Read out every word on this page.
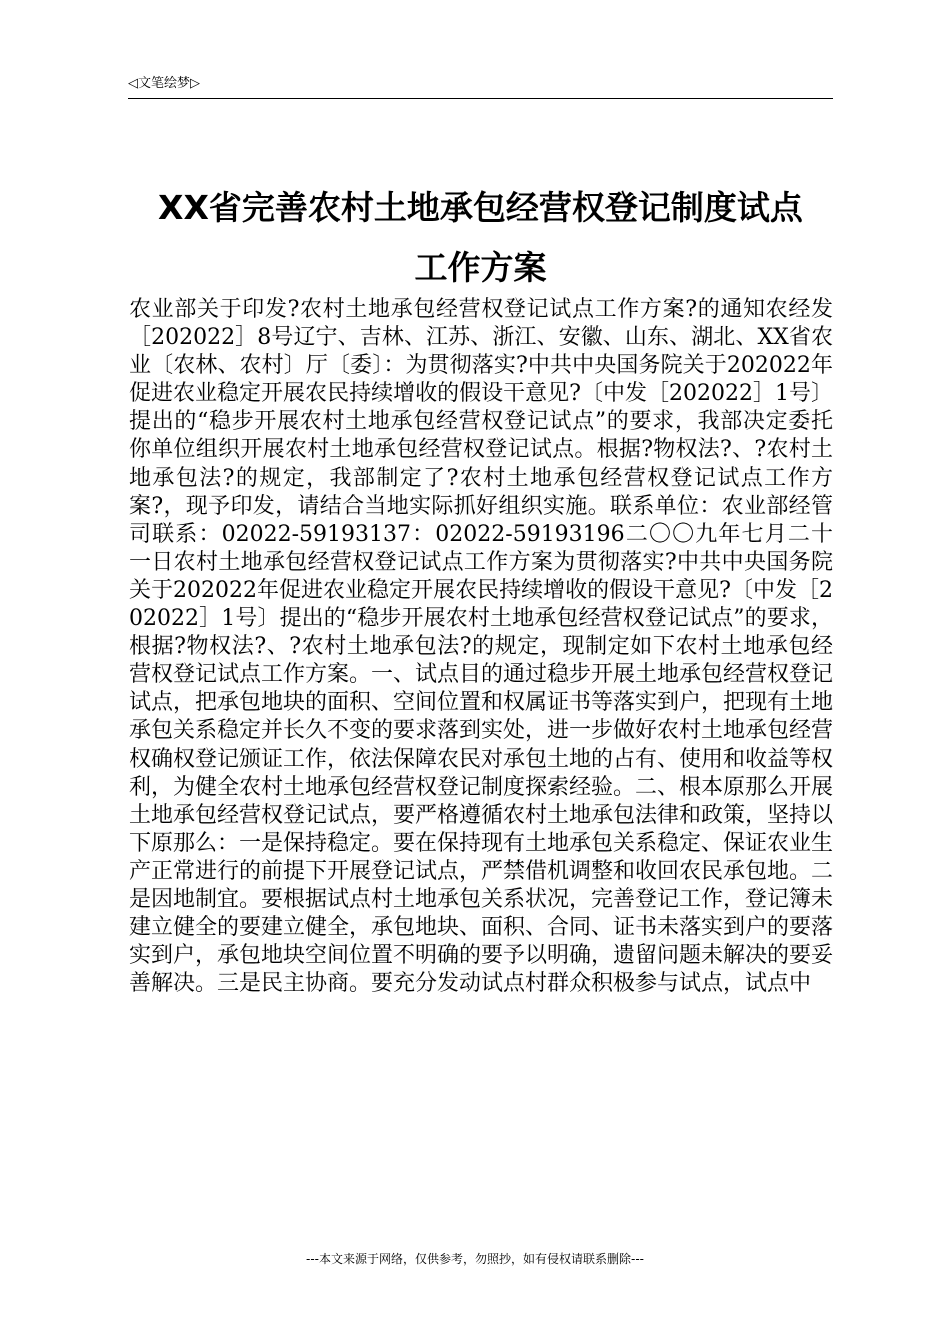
◁文笔绘梦▷
XX省完善农村土地承包经营权登记制度试点
工作方案

农业部关于印发?农村土地承包经营权登记试点工作方案?的通知农经发［202022］8号辽宁、吉林、江苏、浙江、安徽、山东、湖北、XX省农业〔农林、农村〕厅〔委〕：为贯彻落实?中共中央国务院关于202022年促进农业稳定开展农民持续增收的假设干意见?〔中发［202022］1号〕提出的“稳步开展农村土地承包经营权登记试点”的要求，我部决定委托你单位组织开展农村土地承包经营权登记试点。根据?物权法?、?农村土地承包法?的规定，我部制定了?农村土地承包经营权登记试点工作方案?，现予印发，请结合当地实际抓好组织实施。联系单位：农业部经管司联系：02022-59193137：02022-59193196二〇〇九年七月二十一日农村土地承包经营权登记试点工作方案为贯彻落实?中共中央国务院关于202022年促进农业稳定开展农民持续增收的假设干意见?〔中发［202022］1号〕提出的“稳步开展农村土地承包经营权登记试点”的要求，根据?物权法?、?农村土地承包法?的规定，现制定如下农村土地承包经营权登记试点工作方案。一、试点目的通过稳步开展土地承包经营权登记试点，把承包地块的面积、空间位置和权属证书等落实到户，把现有土地承包关系稳定并长久不变的要求落到实处，进一步做好农村土地承包经营权确权登记颁证工作，依法保障农民对承包土地的占有、使用和收益等权利，为健全农村土地承包经营权登记制度探索经验。二、根本原那么开展土地承包经营权登记试点，要严格遵循农村土地承包法律和政策，坚持以下原那么：一是保持稳定。要在保持现有土地承包关系稳定、保证农业生产正常进行的前提下开展登记试点，严禁借机调整和收回农民承包地。二是因地制宜。要根据试点村土地承包关系状况，完善登记工作，登记簿未建立健全的要建立健全，承包地块、面积、合同、证书未落实到户的要落实到户，承包地块空间位置不明确的要予以明确，遗留问题未解决的要妥善解决。三是民主协商。要充分发动试点村群众积极参与试点，试点中

---本文来源于网络，仅供参考，勿照抄，如有侵权请联系删除---
